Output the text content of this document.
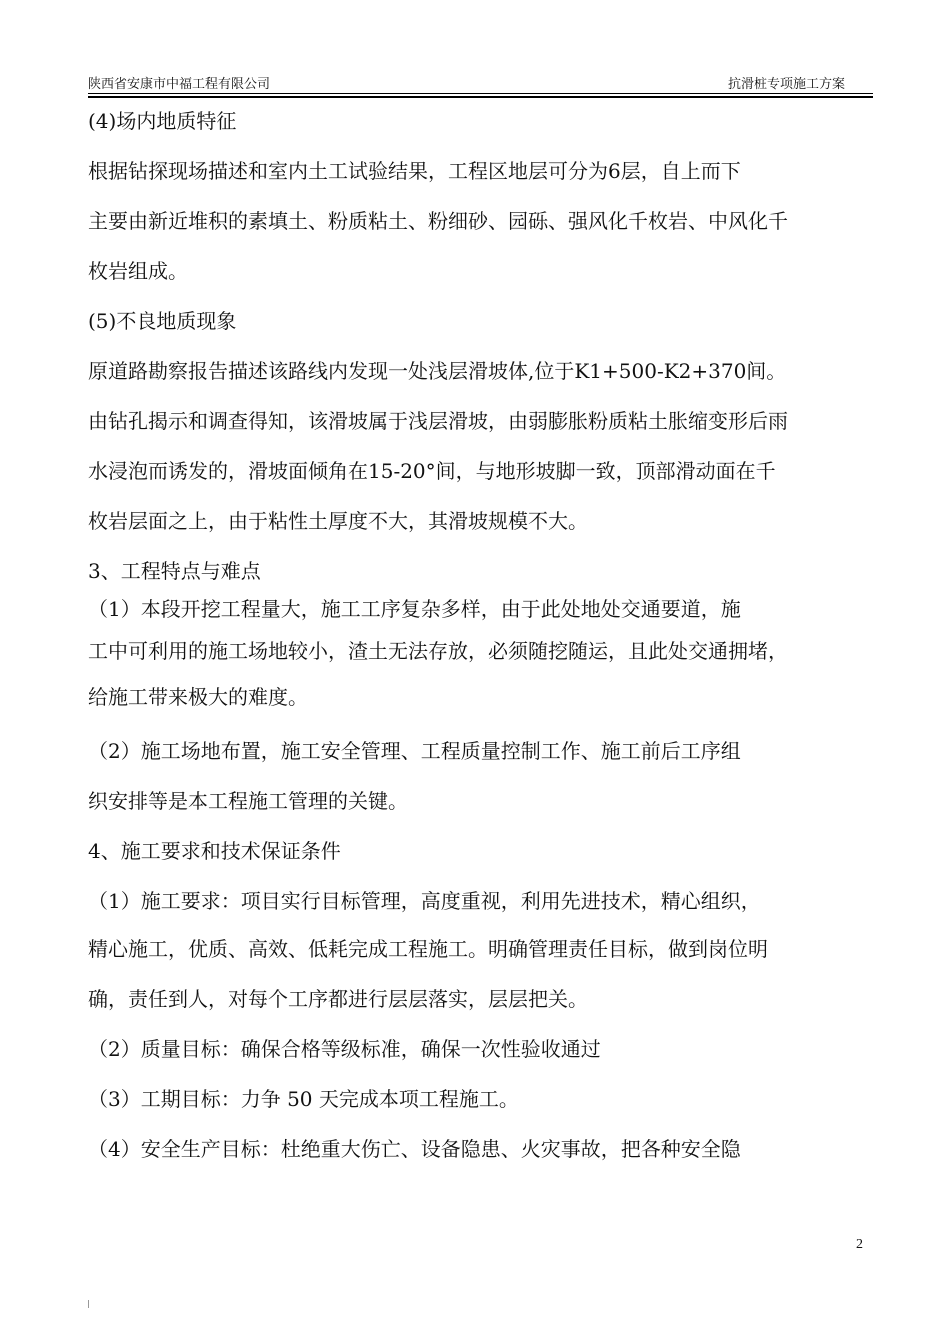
陕西省安康市中福工程有限公司	抗滑桩专项施工方案
(4)场内地质特征
根据钻探现场描述和室内土工试验结果，工程区地层可分为6层，自上而下
主要由新近堆积的素填土、粉质粘土、粉细砂、园砾、强风化千枚岩、中风化千
枚岩组成。
(5)不良地质现象
原道路勘察报告描述该路线内发现一处浅层滑坡体,位于K1+500-K2+370间。
由钻孔揭示和调查得知，该滑坡属于浅层滑坡，由弱膨胀粉质粘土胀缩变形后雨
水浸泡而诱发的，滑坡面倾角在15-20°间，与地形坡脚一致，顶部滑动面在千
枚岩层面之上，由于粘性土厚度不大，其滑坡规模不大。
3、工程特点与难点
（1）本段开挖工程量大，施工工序复杂多样，由于此处地处交通要道，施
工中可利用的施工场地较小，渣土无法存放，必须随挖随运，且此处交通拥堵，
给施工带来极大的难度。
（2）施工场地布置，施工安全管理、工程质量控制工作、施工前后工序组
织安排等是本工程施工管理的关键。
4、施工要求和技术保证条件
（1）施工要求：项目实行目标管理，高度重视，利用先进技术，精心组织，
精心施工，优质、高效、低耗完成工程施工。明确管理责任目标，做到岗位明
确，责任到人，对每个工序都进行层层落实，层层把关。
（2）质量目标：确保合格等级标准，确保一次性验收通过
（3）工期目标：力争 50 天完成本项工程施工。
（4）安全生产目标：杜绝重大伤亡、设备隐患、火灾事故，把各种安全隐
2
